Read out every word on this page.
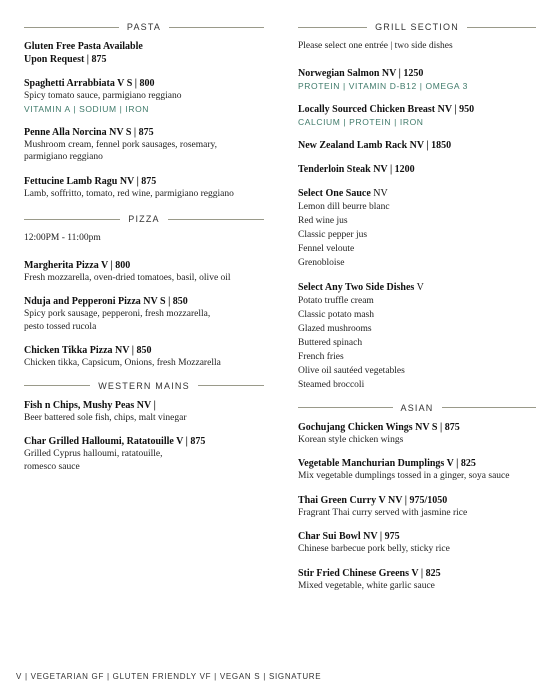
PASTA
Gluten Free Pasta Available
Upon Request | 875
Spaghetti Arrabbiata V S | 800
Spicy tomato sauce, parmigiano reggiano
VITAMIN A | SODIUM | IRON
Penne Alla Norcina NV S | 875
Mushroom cream, fennel pork sausages, rosemary,
parmigiano reggiano
Fettucine Lamb Ragu NV | 875
Lamb, soffritto, tomato, red wine, parmigiano reggiano
PIZZA
12:00PM - 11:00pm
Margherita Pizza V | 800
Fresh mozzarella, oven-dried tomatoes, basil, olive oil
Nduja and Pepperoni Pizza NV S | 850
Spicy pork sausage, pepperoni, fresh mozzarella,
pesto tossed rucola
Chicken Tikka Pizza NV | 850
Chicken tikka, Capsicum, Onions, fresh Mozzarella
WESTERN MAINS
Fish n Chips, Mushy Peas NV |
Beer battered sole fish, chips, malt vinegar
Char Grilled Halloumi, Ratatouille V | 875
Grilled Cyprus halloumi, ratatouille,
romesco sauce
GRILL SECTION
Please select one entrée | two side dishes
Norwegian Salmon NV | 1250
PROTEIN | VITAMIN D-B12 | OMEGA 3
Locally Sourced Chicken Breast NV | 950
CALCIUM | PROTEIN | IRON
New Zealand Lamb Rack NV | 1850
Tenderloin Steak NV | 1200
Select One Sauce NV
Lemon dill beurre blanc
Red wine jus
Classic pepper jus
Fennel veloute
Grenobloise
Select Any Two Side Dishes V
Potato truffle cream
Classic potato mash
Glazed mushrooms
Buttered spinach
French fries
Olive oil sautéed vegetables
Steamed broccoli
ASIAN
Gochujang Chicken Wings NV S | 875
Korean style chicken wings
Vegetable Manchurian Dumplings V | 825
Mix vegetable dumplings tossed in a ginger, soya sauce
Thai Green Curry V NV | 975/1050
Fragrant Thai curry served with jasmine rice
Char Sui Bowl NV | 975
Chinese barbecue pork belly, sticky rice
Stir Fried Chinese Greens V | 825
Mixed vegetable, white garlic sauce
V | VEGETARIAN GF | GLUTEN FRIENDLY VF | VEGAN S | SIGNATURE
